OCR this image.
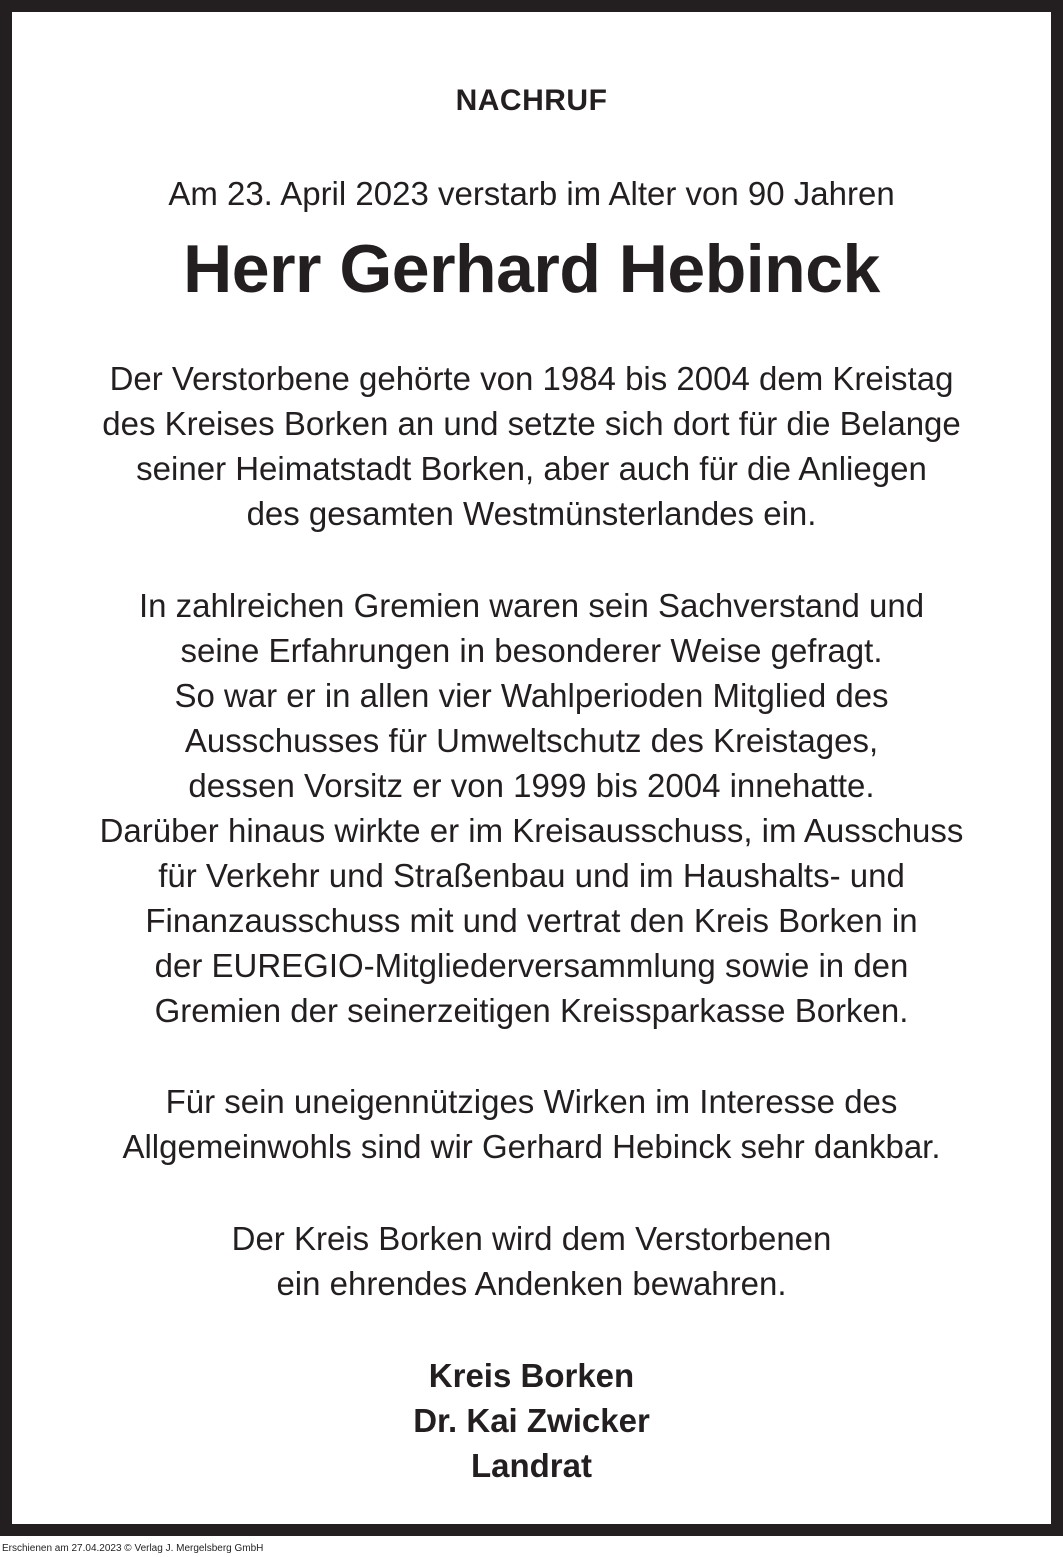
NACHRUF

Am 23. April 2023 verstarb im Alter von 90 Jahren

Herr Gerhard Hebinck

Der Verstorbene gehörte von 1984 bis 2004 dem Kreistag
des Kreises Borken an und setzte sich dort für die Belange
seiner Heimatstadt Borken, aber auch für die Anliegen
des gesamten Westmünsterlandes ein.

In zahlreichen Gremien waren sein Sachverstand und
seine Erfahrungen in besonderer Weise gefragt.
So war er in allen vier Wahlperioden Mitglied des
Ausschusses für Umweltschutz des Kreistages,
dessen Vorsitz er von 1999 bis 2004 innehatte.
Darüber hinaus wirkte er im Kreisausschuss, im Ausschuss
für Verkehr und Straßenbau und im Haushalts- und
Finanzausschuss mit und vertrat den Kreis Borken in
der EUREGIO-Mitgliederversammlung sowie in den
Gremien der seinerzeitigen Kreissparkasse Borken.

Für sein uneigennütziges Wirken im Interesse des
Allgemeinwohls sind wir Gerhard Hebinck sehr dankbar.

Der Kreis Borken wird dem Verstorbenen
ein ehrendes Andenken bewahren.

Kreis Borken
Dr. Kai Zwicker
Landrat

Erschienen am 27.04.2023 © Verlag J. Mergelsberg GmbH
